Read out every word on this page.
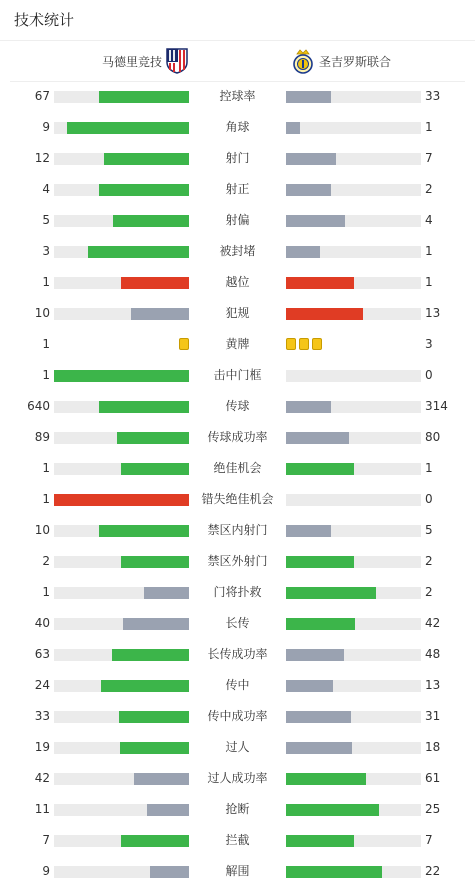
技术统计
马德里竞技	圣吉罗斯联合
67	控球率	33
9	角球	1
12	射门	7
4	射正	2
5	射偏	4
3	被封堵	1
1	越位	1
10	犯规	13
1	黄牌	3
1	击中门框	0
640	传球	314
89	传球成功率	80
1	绝佳机会	1
1	错失绝佳机会	0
10	禁区内射门	5
2	禁区外射门	2
1	门将扑救	2
40	长传	42
63	长传成功率	48
24	传中	13
33	传中成功率	31
19	过人	18
42	过人成功率	61
11	抢断	25
7	拦截	7
9	解围	22
